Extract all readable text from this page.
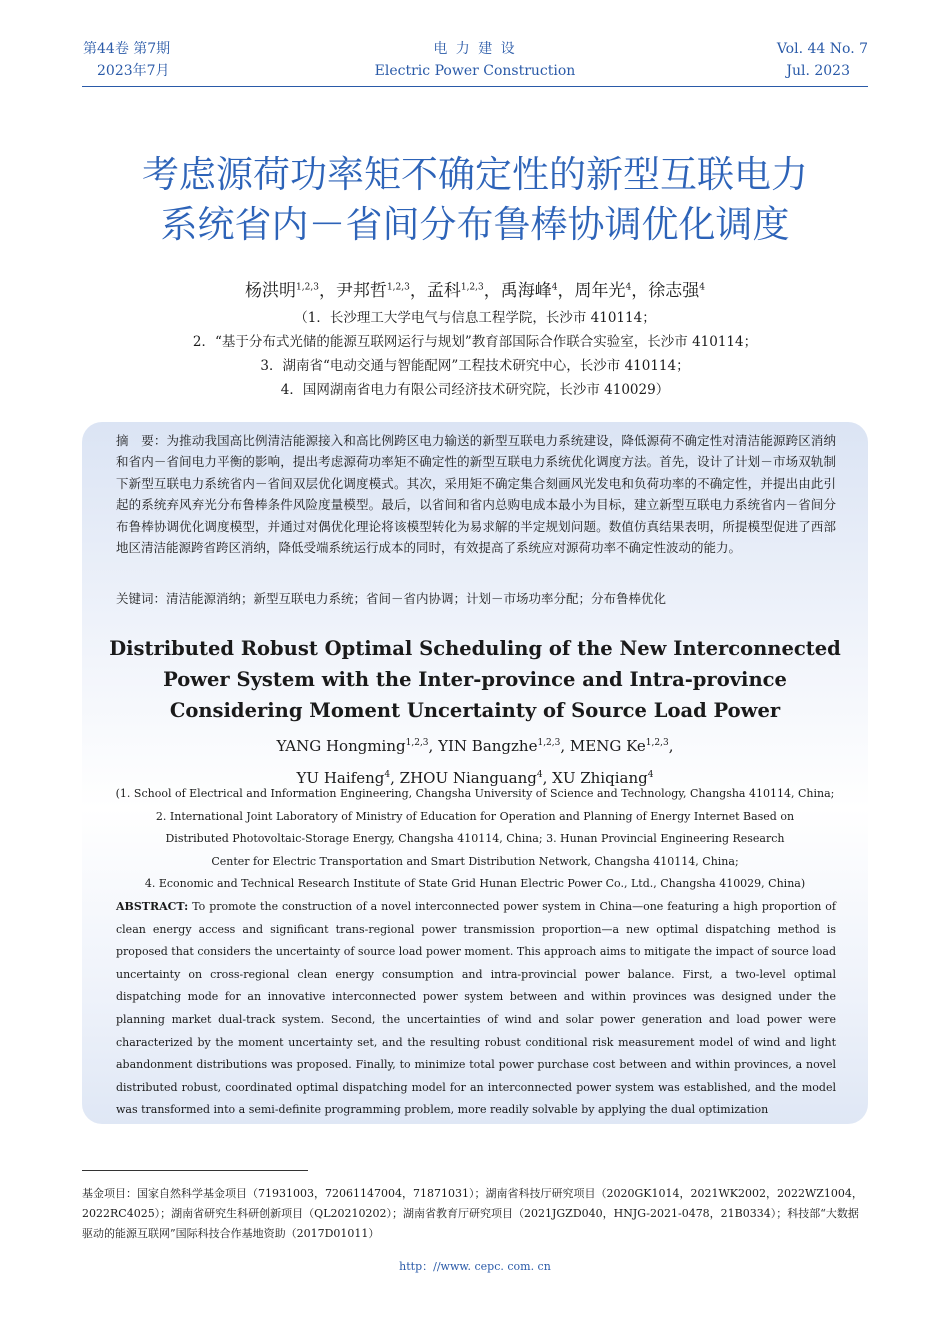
第44卷 第7期
2023年7月
电 力 建 设
Electric Power Construction
Vol. 44 No. 7
Jul. 2023
考虑源荷功率矩不确定性的新型互联电力
系统省内－省间分布鲁棒协调优化调度
杨洪明$^{1,2,3}$，尹邦哲$^{1,2,3}$，孟科$^{1,2,3}$，禹海峰$^4$，周年光$^4$，徐志强$^4$
（1．长沙理工大学电气与信息工程学院，长沙市 410114；
2．“基于分布式光储的能源互联网运行与规划”教育部国际合作联合实验室，长沙市 410114；
3．湖南省“电动交通与智能配网”工程技术研究中心，长沙市 410114；
4．国网湖南省电力有限公司经济技术研究院，长沙市 410029）
摘　要：为推动我国高比例清洁能源接入和高比例跨区电力输送的新型互联电力系统建设，降低源荷不确定性对清洁能源跨区消纳和省内－省间电力平衡的影响，提出考虑源荷功率矩不确定性的新型互联电力系统优化调度方法。首先，设计了计划－市场双轨制下新型互联电力系统省内－省间双层优化调度模式。其次，采用矩不确定集合刻画风光发电和负荷功率的不确定性，并提出由此引起的系统弃风弃光分布鲁棒条件风险度量模型。最后，以省间和省内总购电成本最小为目标，建立新型互联电力系统省内－省间分布鲁棒协调优化调度模型，并通过对偶优化理论将该模型转化为易求解的半定规划问题。数值仿真结果表明，所提模型促进了西部地区清洁能源跨省跨区消纳，降低受端系统运行成本的同时，有效提高了系统应对源荷功率不确定性波动的能力。
关键词：清洁能源消纳；新型互联电力系统；省间－省内协调；计划－市场功率分配；分布鲁棒优化
Distributed Robust Optimal Scheduling of the New Interconnected
Power System with the Inter-province and Intra-province
Considering Moment Uncertainty of Source Load Power
YANG Hongming$^{1,2,3}$, YIN Bangzhe$^{1,2,3}$, MENG Ke$^{1,2,3}$,
YU Haifeng$^4$, ZHOU Nianguang$^4$, XU Zhiqiang$^4$
(1. School of Electrical and Information Engineering, Changsha University of Science and Technology, Changsha 410114, China;
2. International Joint Laboratory of Ministry of Education for Operation and Planning of Energy Internet Based on
Distributed Photovoltaic-Storage Energy, Changsha 410114, China; 3. Hunan Provincial Engineering Research
Center for Electric Transportation and Smart Distribution Network, Changsha 410114, China;
4. Economic and Technical Research Institute of State Grid Hunan Electric Power Co., Ltd., Changsha 410029, China)
ABSTRACT: To promote the construction of a novel interconnected power system in China—one featuring a high proportion of clean energy access and significant trans-regional power transmission proportion—a new optimal dispatching method is proposed that considers the uncertainty of source load power moment. This approach aims to mitigate the impact of source load uncertainty on cross-regional clean energy consumption and intra-provincial power balance. First, a two-level optimal dispatching mode for an innovative interconnected power system between and within provinces was designed under the planning market dual-track system. Second, the uncertainties of wind and solar power generation and load power were characterized by the moment uncertainty set, and the resulting robust conditional risk measurement model of wind and light abandonment distributions was proposed. Finally, to minimize total power purchase cost between and within provinces, a novel distributed robust, coordinated optimal dispatching model for an interconnected power system was established, and the model was transformed into a semi-definite programming problem, more readily solvable by applying the dual optimization
基金项目：国家自然科学基金项目（71931003，72061147004，71871031）；湖南省科技厅研究项目（2020GK1014，2021WK2002，2022WZ1004，2022RC4025）；湖南省研究生科研创新项目（QL20210202）；湖南省教育厅研究项目（2021JGZD040，HNJG-2021-0478，21B0334）；科技部“大数据驱动的能源互联网”国际科技合作基地资助（2017D01011）
http：//www. cepc. com. cn
